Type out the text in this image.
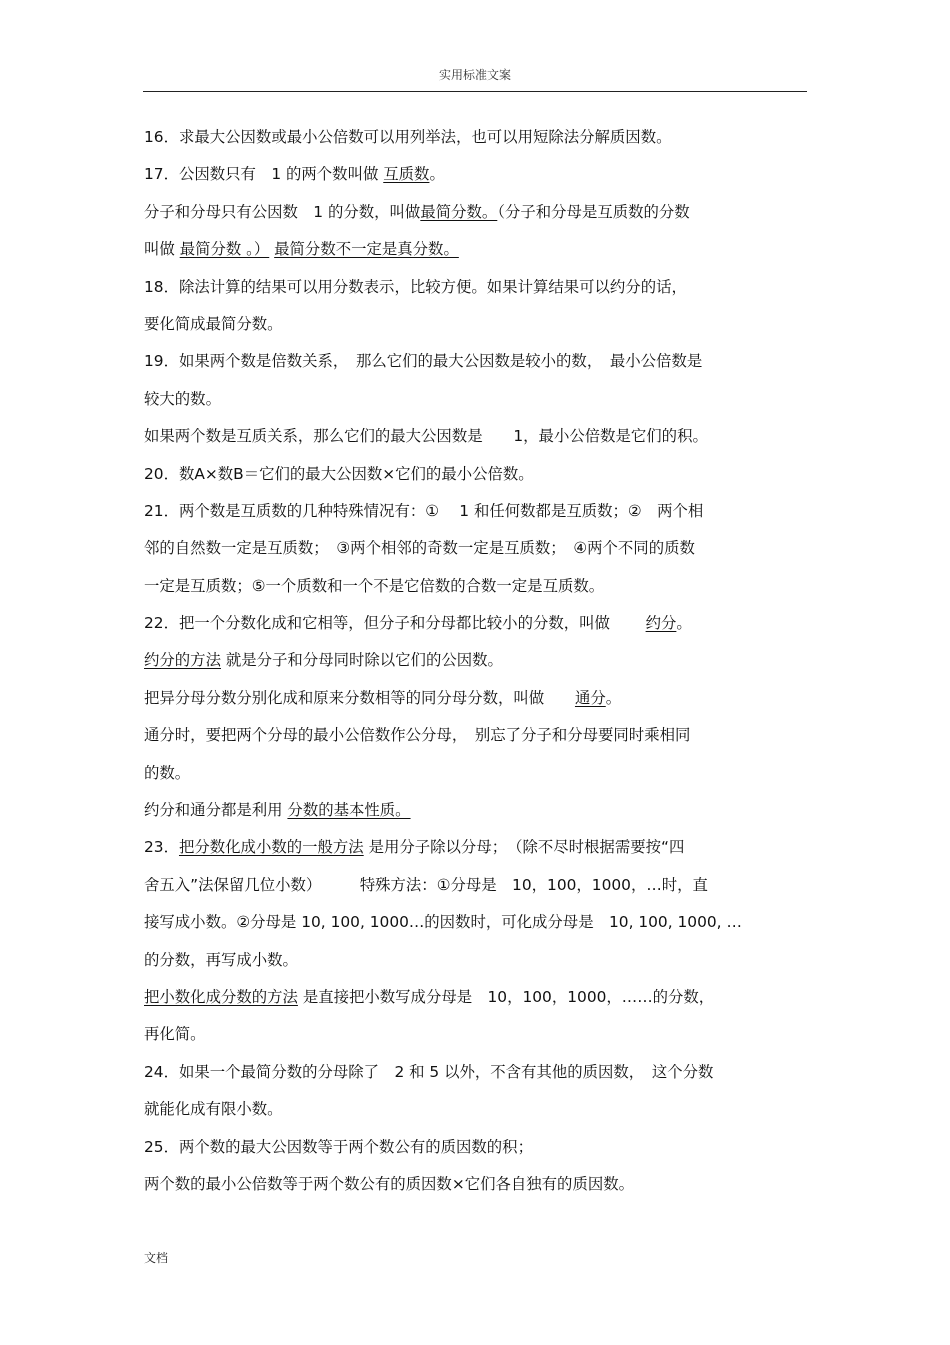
实用标准文案
16．求最大公因数或最小公倍数可以用列举法，也可以用短除法分解质因数。
17．公因数只有　1 的两个数叫做 互质数。
分子和分母只有公因数　1 的分数，叫做最简分数。（分子和分母是互质数的分数
叫做 最简分数 。） 最简分数不一定是真分数。
18．除法计算的结果可以用分数表示，比较方便。如果计算结果可以约分的话，
要化简成最简分数。
19．如果两个数是倍数关系，　那么它们的最大公因数是较小的数，　最小公倍数是
较大的数。
如果两个数是互质关系，那么它们的最大公因数是　　1，最小公倍数是它们的积。
20．数A×数B＝它们的最大公因数×它们的最小公倍数。
21．两个数是互质数的几种特殊情况有：①　 1 和任何数都是互质数；②　两个相
邻的自然数一定是互质数；　③两个相邻的奇数一定是互质数；　④两个不同的质数
一定是互质数；⑤一个质数和一个不是它倍数的合数一定是互质数。
22．把一个分数化成和它相等，但分子和分母都比较小的分数，叫做　　 约分。
约分的方法 就是分子和分母同时除以它们的公因数。
把异分母分数分别化成和原来分数相等的同分母分数，叫做　　通分。
通分时，要把两个分母的最小公倍数作公分母，　别忘了分子和分母要同时乘相同
的数。
约分和通分都是利用 分数的基本性质。
23．把分数化成小数的一般方法 是用分子除以分母；　（除不尽时根据需要按“四
舍五入”法保留几位小数）　　　特殊方法：①分母是　10，100，1000，…时，直
接写成小数。②分母是 10, 100, 1000…的因数时，可化成分母是　10, 100, 1000, …
的分数，再写成小数。
把小数化成分数的方法 是直接把小数写成分母是　10，100，1000，……的分数，
再化简。
24．如果一个最简分数的分母除了　2 和 5 以外，不含有其他的质因数，　这个分数
就能化成有限小数。
25．两个数的最大公因数等于两个数公有的质因数的积；
两个数的最小公倍数等于两个数公有的质因数×它们各自独有的质因数。
文档
